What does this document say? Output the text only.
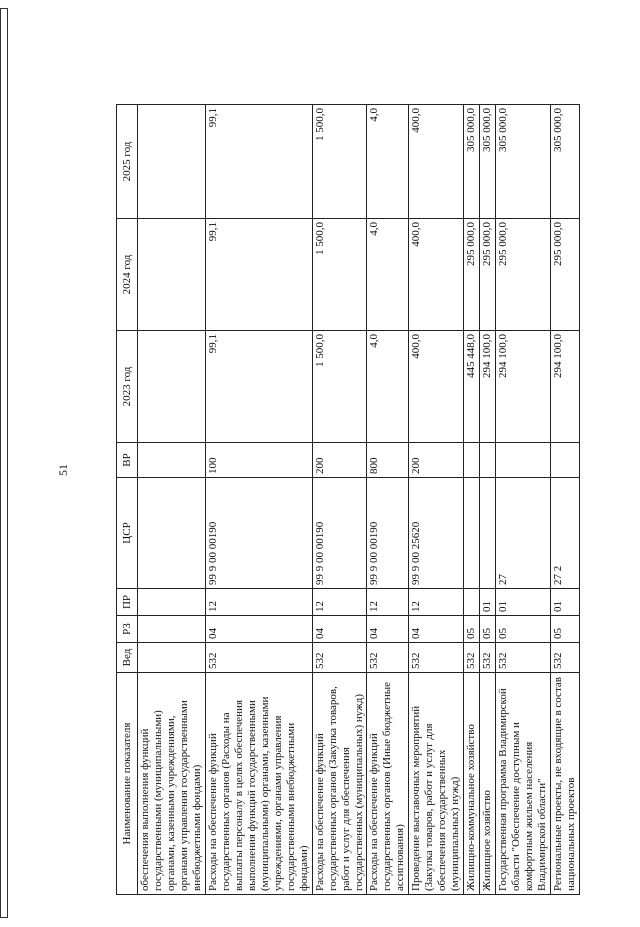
51
Наименование показателя	Вед	РЗ	ПР	ЦСР	ВР	2023 год	2024 год	2025 год
обеспечения выполнения функций государственными (муниципальными) органами, казенными учреждениями, органами управления государственными внебюджетными фондами)								
Расходы на обеспечение функций государственных органов (Расходы на выплаты персоналу в целях обеспечения выполнения функций государственными (муниципальными) органами, казенными учреждениями, органами управления государственными внебюджетными фондами)	532	04	12	99 9 00 00190	100	99,1	99,1	99,1
Расходы на обеспечение функций государственных органов (Закупка товаров, работ и услуг для обеспечения государственных (муниципальных) нужд)	532	04	12	99 9 00 00190	200	1 500,0	1 500,0	1 500,0
Расходы на обеспечение функций государственных органов (Иные бюджетные ассигнования)	532	04	12	99 9 00 00190	800	4,0	4,0	4,0
Проведение выставочных мероприятий (Закупка товаров, работ и услуг для обеспечения государственных (муниципальных) нужд)	532	04	12	99 9 00 25620	200	400,0	400,0	400,0
Жилищно-коммунальное хозяйство	532	05				445 448,0	295 000,0	305 000,0
Жилищное хозяйство	532	05	01			294 100,0	295 000,0	305 000,0
Государственная программа Владимирской области "Обеспечение доступным и комфортным жильем населения Владимирской области"	532	05	01	27		294 100,0	295 000,0	305 000,0
Региональные проекты, не входящие в состав национальных проектов	532	05	01	27 2		294 100,0	295 000,0	305 000,0
